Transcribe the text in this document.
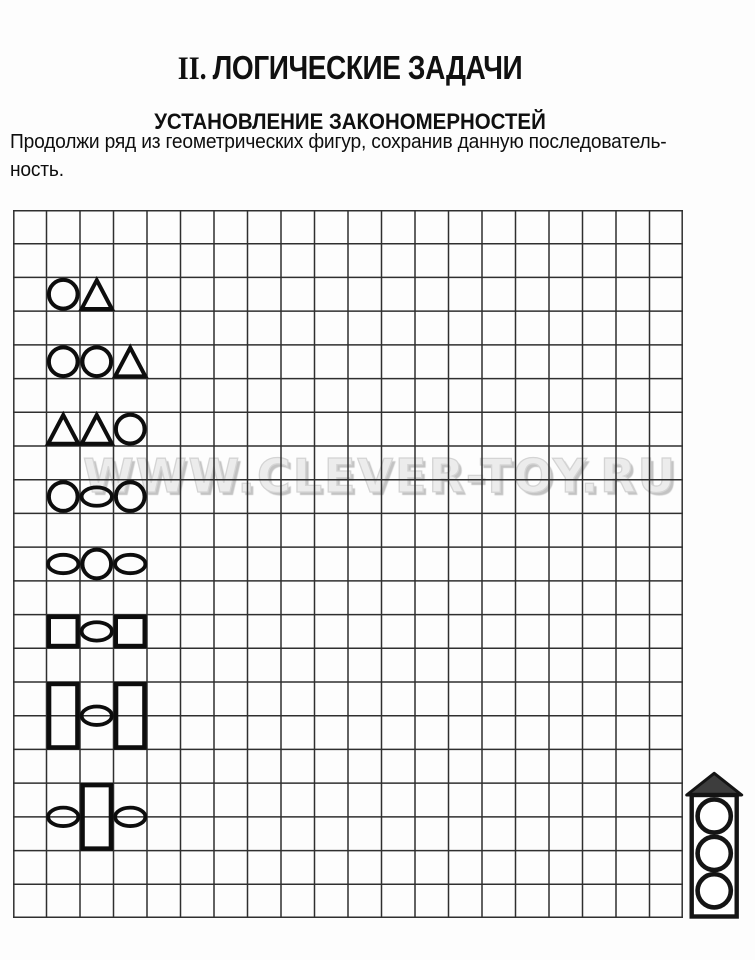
II. ЛОГИЧЕСКИЕ ЗАДАЧИ
УСТАНОВЛЕНИЕ ЗАКОНОМЕРНОСТЕЙ

Продолжи ряд из геометрических фигур, сохранив данную последователь-
ность.

WWW.CLEVER-TOY.RU
